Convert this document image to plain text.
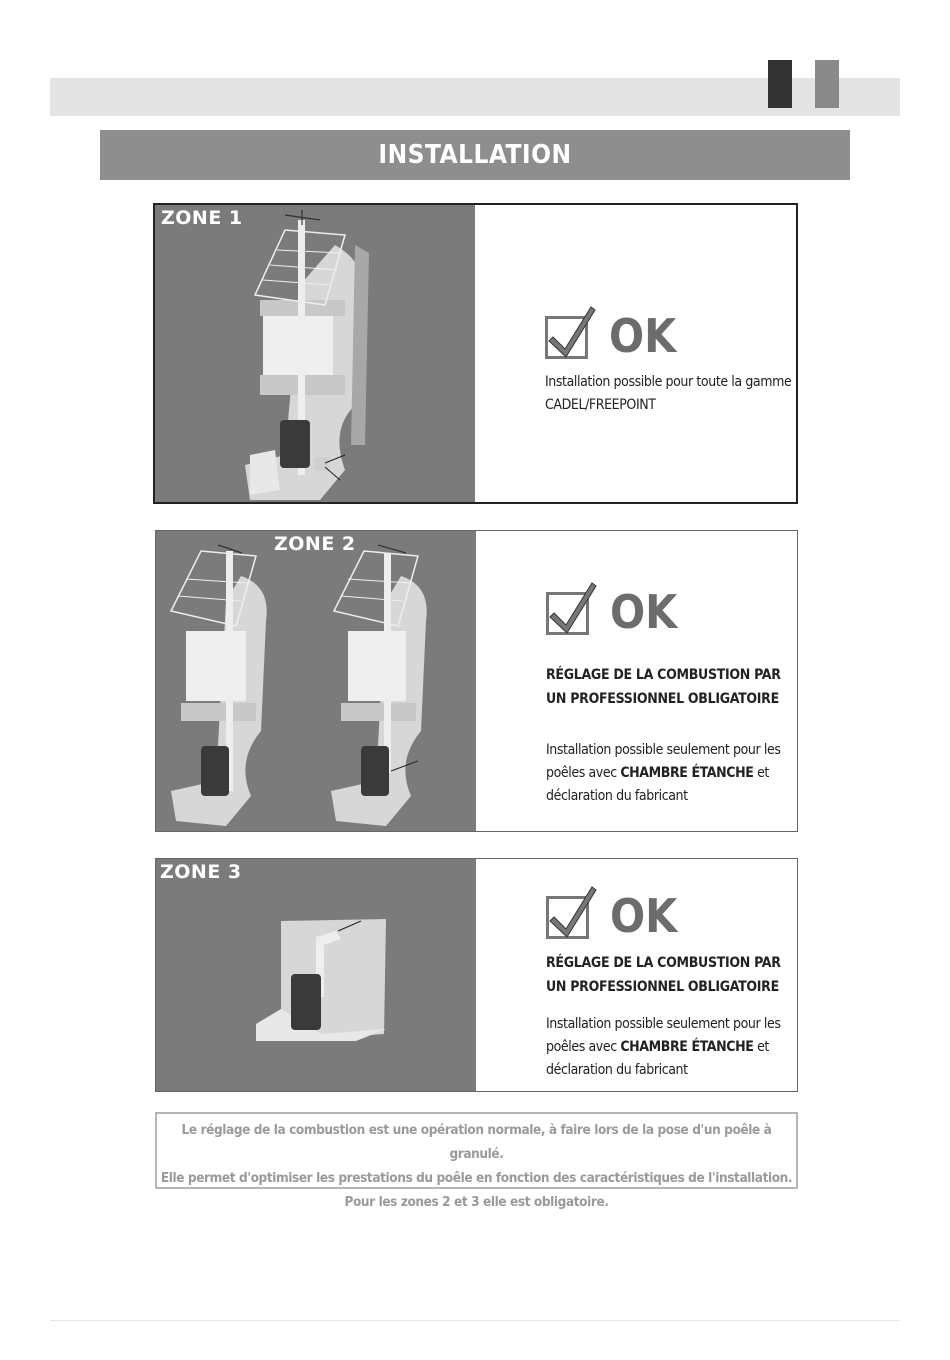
INSTALLATION
ZONE 1
OK
Installation possible pour toute la gamme CADEL/FREEPOINT
ZONE 2
OK
RÉGLAGE DE LA COMBUSTION PAR UN PROFESSIONNEL OBLIGATOIRE
Installation possible seulement pour les poêles avec CHAMBRE ÉTANCHE et déclaration du fabricant
ZONE 3
OK
RÉGLAGE DE LA COMBUSTION PAR UN PROFESSIONNEL OBLIGATOIRE
Installation possible seulement pour les poêles avec CHAMBRE ÉTANCHE et déclaration du fabricant
Le réglage de la combustion est une opération normale, à faire lors de la pose d'un poêle à granulé.
Elle permet d'optimiser les prestations du poêle en fonction des caractéristiques de l'installation.
Pour les zones 2 et 3 elle est obligatoire.
